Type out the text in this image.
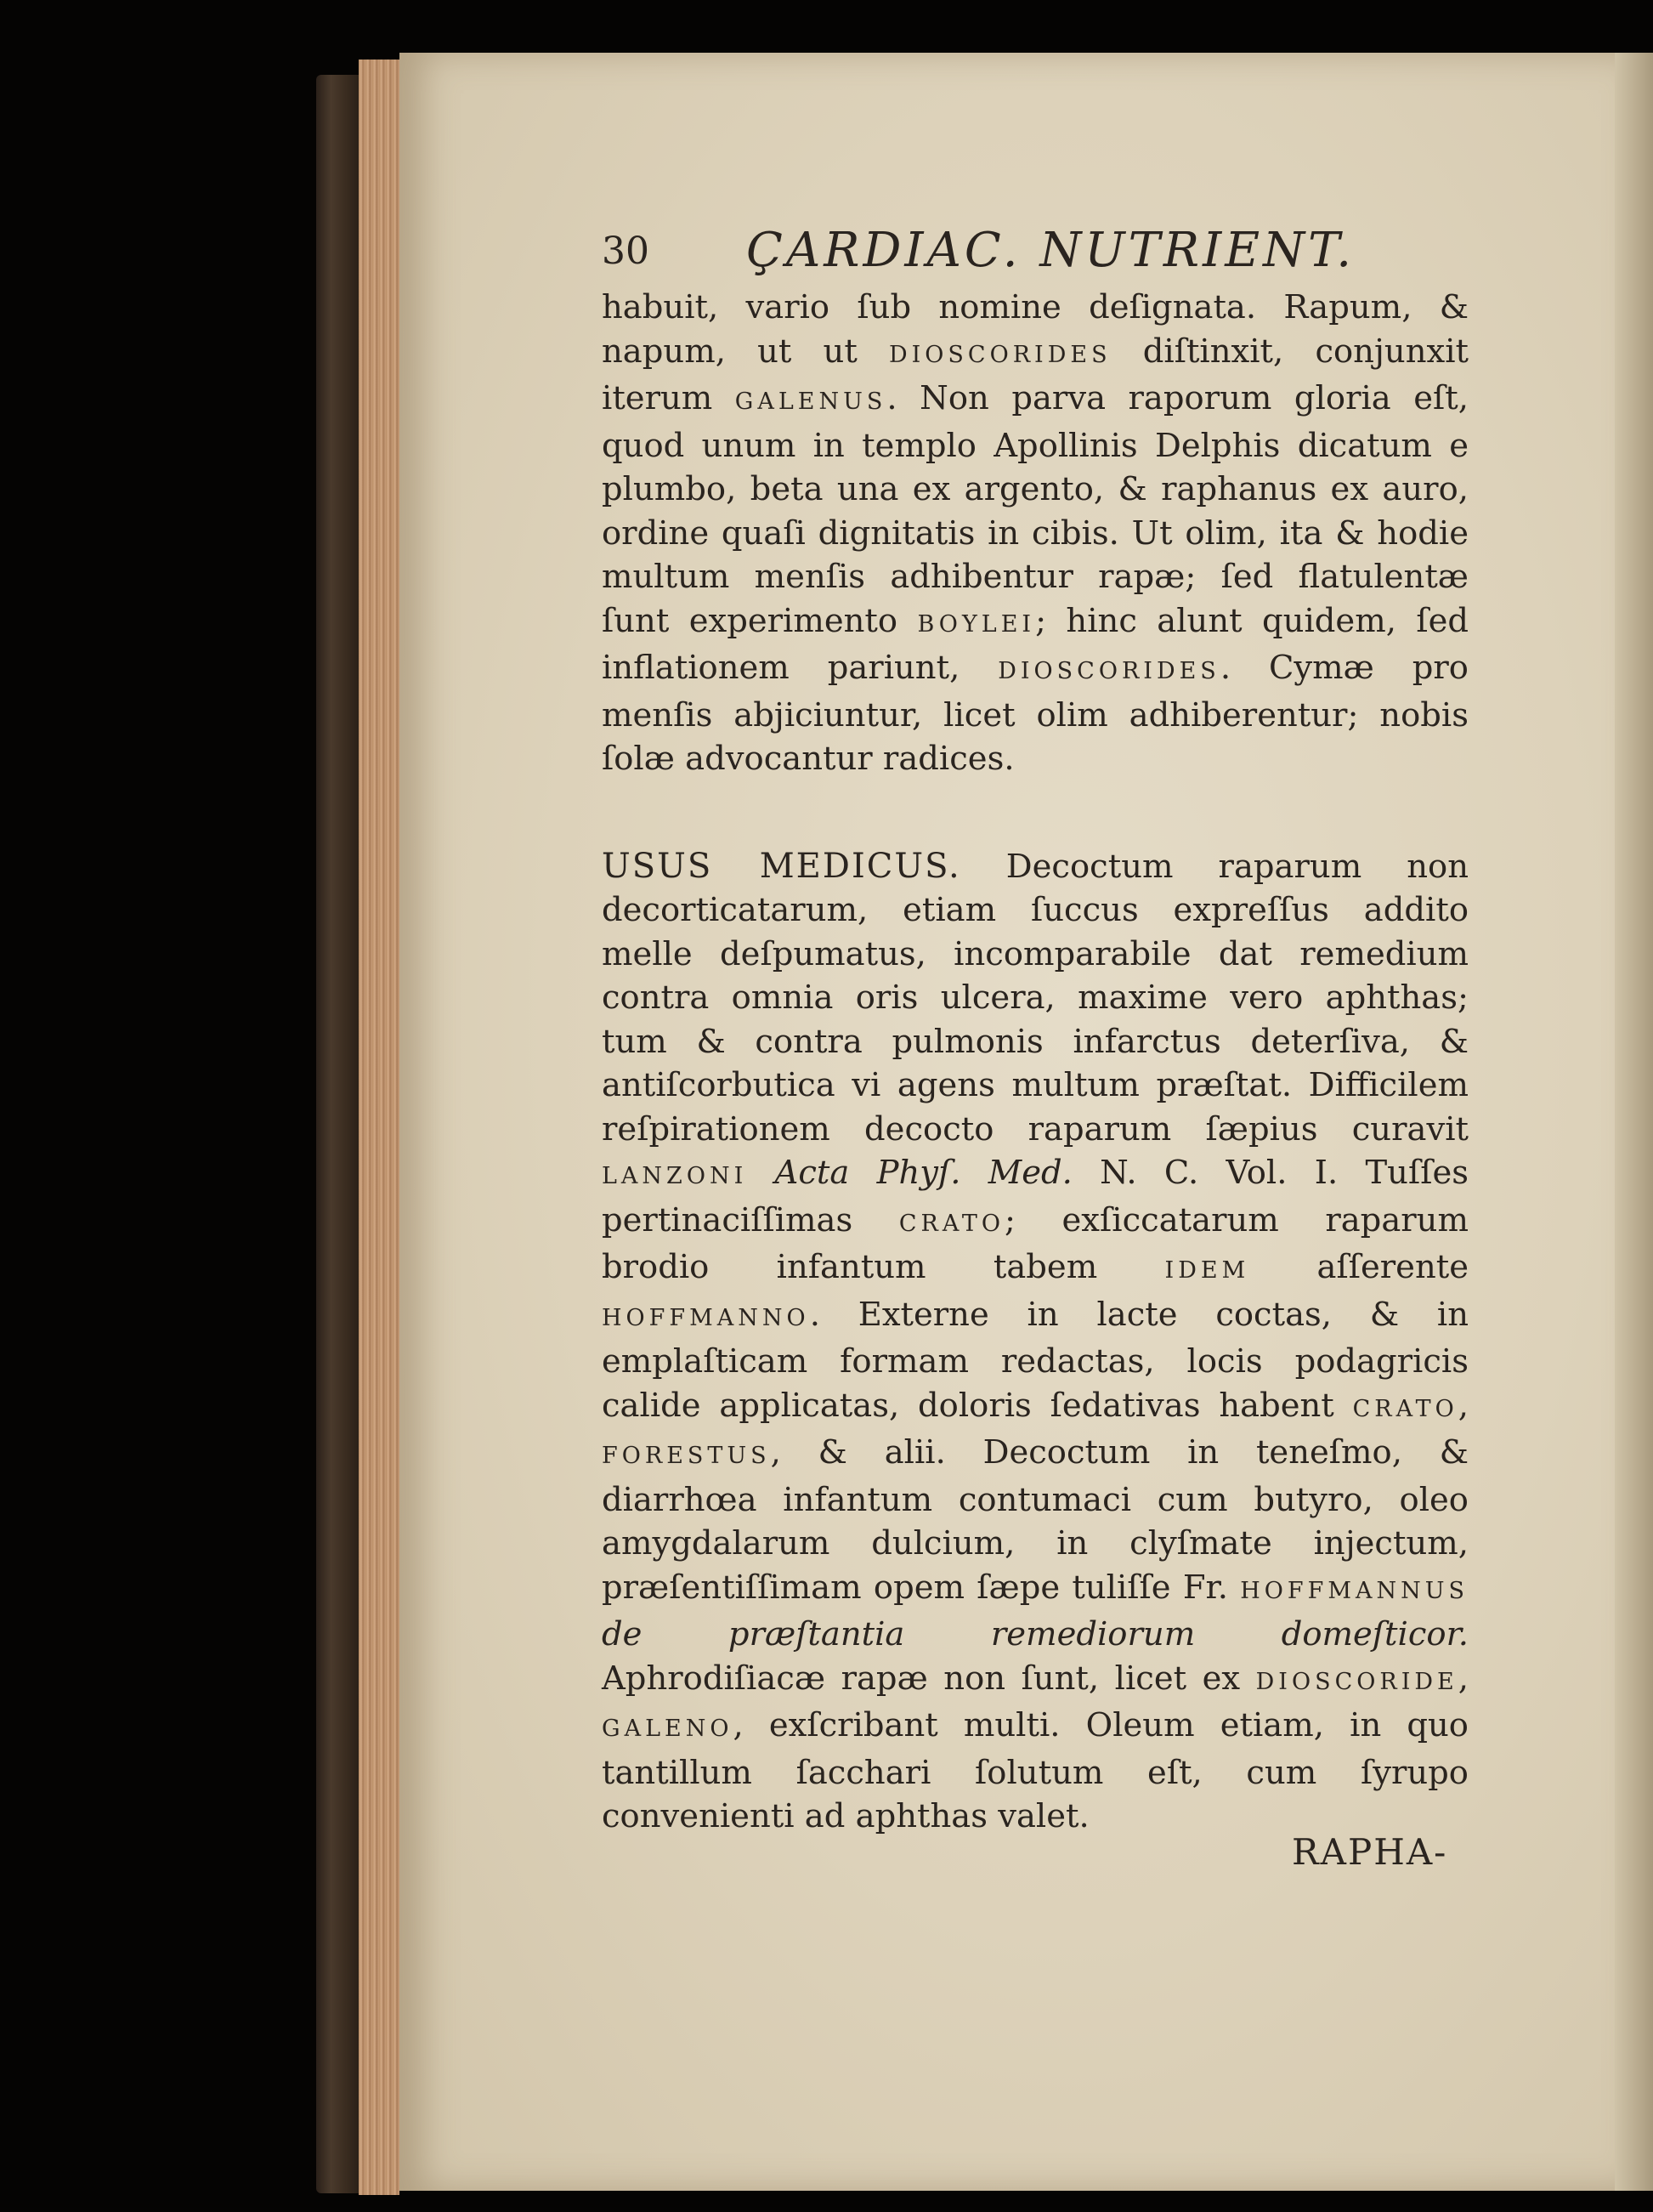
30 ÇARDIAC. NUTRIENT.

habuit, vario ſub nomine deſignata. Rapum, & napum, ut ut DIOSCORIDES diſtinxit, conjunxit iterum GALENUS. Non parva raporum gloria eſt, quod unum in templo Apollinis Delphis dicatum e plumbo, beta una ex argento, & raphanus ex auro, ordine quaſi dignitatis in cibis. Ut olim, ita & hodie multum menſis adhibentur rapæ; ſed flatulentæ ſunt experimento BOYLEI; hinc alunt quidem, ſed inflationem pariunt, DIOSCORIDES. Cymæ pro menſis abjiciuntur, licet olim adhiberentur; nobis ſolæ advocantur radices.

USUS MEDICUS. Decoctum raparum non decorticatarum, etiam ſuccus expreſſus addito melle deſpumatus, incomparabile dat remedium contra omnia oris ulcera, maxime vero aphthas; tum & contra pulmonis infarctus deterſiva, & antiſcorbutica vi agens multum præſtat. Difficilem reſpirationem decocto raparum ſæpius curavit LANZONI Acta Phyſ. Med. N. C. Vol. I. Tuſſes pertinaciſſimas CRATO; exſiccatarum raparum brodio infantum tabem IDEM aſſerente HOFFMANNO. Externe in lacte coctas, & in emplaſticam formam redactas, locis podagricis calide applicatas, doloris ſedativas habent CRATO, FORESTUS, & alii. Decoctum in teneſmo, & diarrhœa infantum contumaci cum butyro, oleo amygdalarum dulcium, in clyſmate injectum, præſentiſſimam opem ſæpe tuliſſe Fr. HOFFMANNUS de præſtantia remediorum domeſticor. Aphrodiſiacæ rapæ non ſunt, licet ex DIOSCORIDE, GALENO, exſcribant multi. Oleum etiam, in quo tantillum ſacchari ſolutum eſt, cum ſyrupo convenienti ad aphthas valet.

RAPHA-
